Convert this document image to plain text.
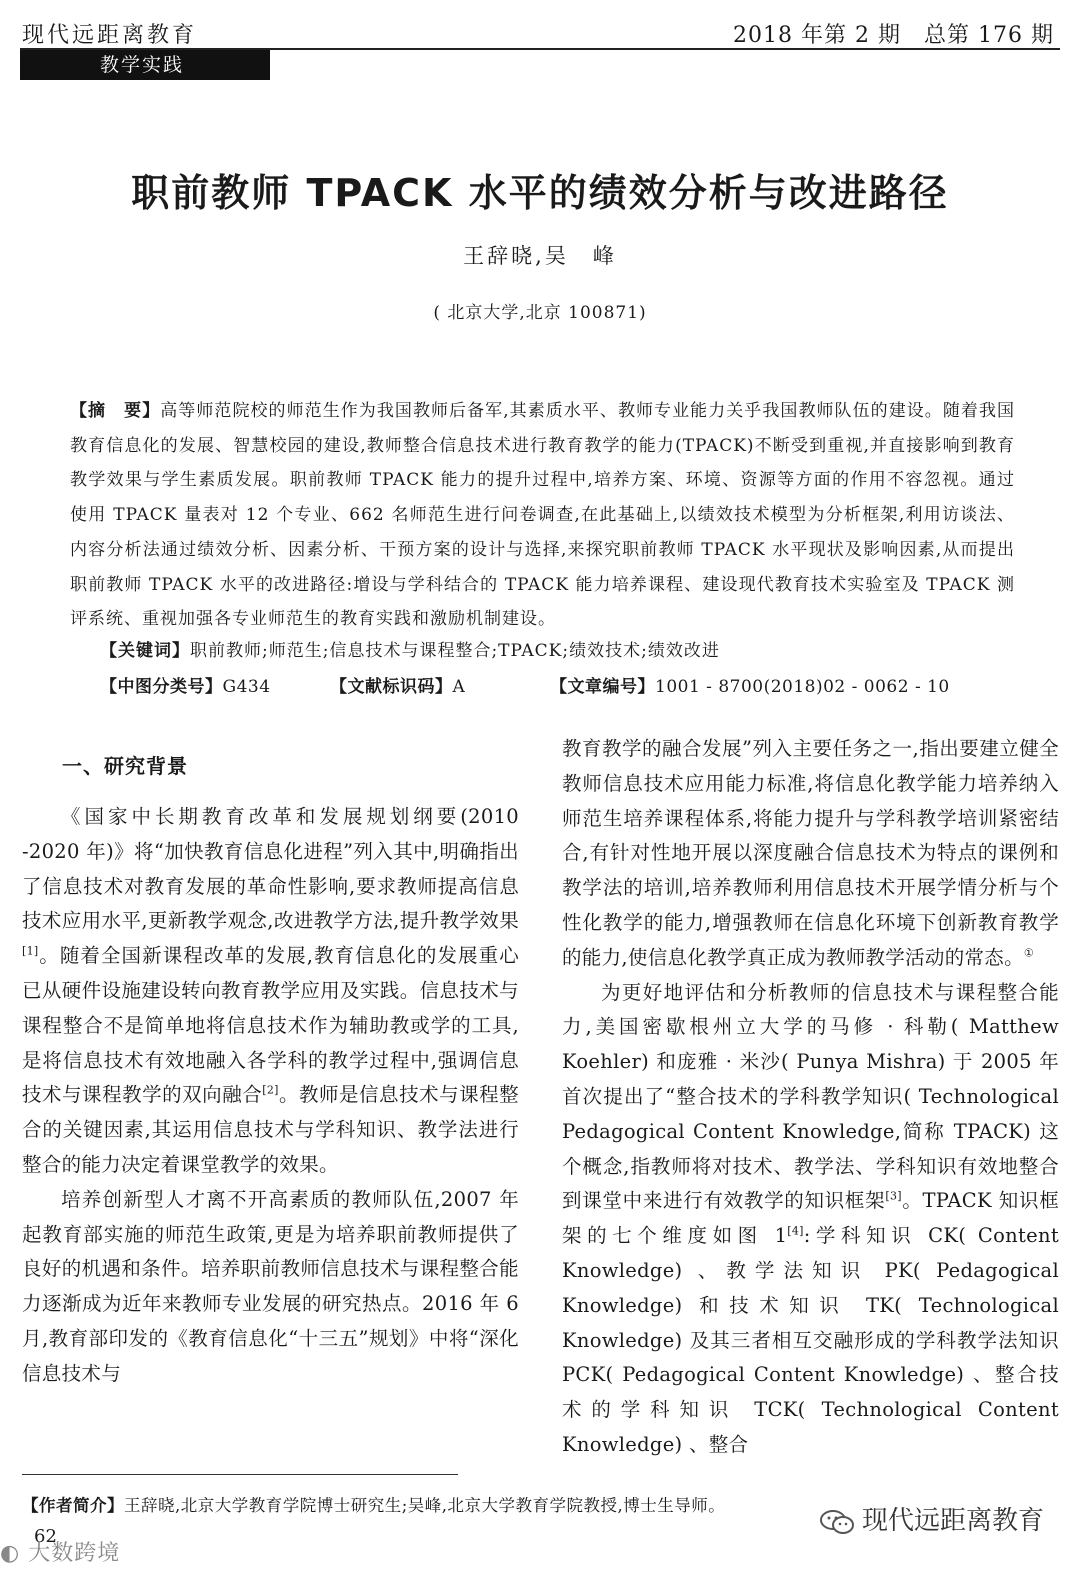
现代远距离教育	2018 年第 2 期　总第 176 期
教学实践
职前教师 TPACK 水平的绩效分析与改进路径
王辞晓,吴　峰
( 北京大学,北京 100871)
【摘　要】高等师范院校的师范生作为我国教师后备军,其素质水平、教师专业能力关乎我国教师队伍的建设。随着我国教育信息化的发展、智慧校园的建设,教师整合信息技术进行教育教学的能力(TPACK)不断受到重视,并直接影响到教育教学效果与学生素质发展。职前教师 TPACK 能力的提升过程中,培养方案、环境、资源等方面的作用不容忽视。通过使用 TPACK 量表对 12 个专业、662 名师范生进行问卷调查,在此基础上,以绩效技术模型为分析框架,利用访谈法、内容分析法通过绩效分析、因素分析、干预方案的设计与选择,来探究职前教师 TPACK 水平现状及影响因素,从而提出职前教师 TPACK 水平的改进路径:增设与学科结合的 TPACK 能力培养课程、建设现代教育技术实验室及 TPACK 测评系统、重视加强各专业师范生的教育实践和激励机制建设。
【关键词】职前教师;师范生;信息技术与课程整合;TPACK;绩效技术;绩效改进
【中图分类号】G434	【文献标识码】A	【文章编号】1001 - 8700(2018)02 - 0062 - 10
一、研究背景

《国家中长期教育改革和发展规划纲要(2010 -2020 年)》将“加快教育信息化进程”列入其中,明确指出了信息技术对教育发展的革命性影响,要求教师提高信息技术应用水平,更新教学观念,改进教学方法,提升教学效果[1]。随着全国新课程改革的发展,教育信息化的发展重心已从硬件设施建设转向教育教学应用及实践。信息技术与课程整合不是简单地将信息技术作为辅助教或学的工具,是将信息技术有效地融入各学科的教学过程中,强调信息技术与课程教学的双向融合[2]。教师是信息技术与课程整合的关键因素,其运用信息技术与学科知识、教学法进行整合的能力决定着课堂教学的效果。

培养创新型人才离不开高素质的教师队伍,2007 年起教育部实施的师范生政策,更是为培养职前教师提供了良好的机遇和条件。培养职前教师信息技术与课程整合能力逐渐成为近年来教师专业发展的研究热点。2016 年 6 月,教育部印发的《教育信息化“十三五”规划》中将“深化信息技术与

教育教学的融合发展”列入主要任务之一,指出要建立健全教师信息技术应用能力标准,将信息化教学能力培养纳入师范生培养课程体系,将能力提升与学科教学培训紧密结合,有针对性地开展以深度融合信息技术为特点的课例和教学法的培训,培养教师利用信息技术开展学情分析与个性化教学的能力,增强教师在信息化环境下创新教育教学的能力,使信息化教学真正成为教师教学活动的常态。①

为更好地评估和分析教师的信息技术与课程整合能力,美国密歇根州立大学的马修 · 科勒( Matthew Koehler) 和庞雅 · 米沙( Punya Mishra) 于 2005 年首次提出了“整合技术的学科教学知识( Technological Pedagogical Content Knowledge,简称 TPACK) 这个概念,指教师将对技术、教学法、学科知识有效地整合到课堂中来进行有效教学的知识框架[3]。TPACK 知识框架的七个维度如图 1[4]:学科知识 CK( Content Knowledge) 、教学法知识 PK( Pedagogical Knowledge) 和技术知识 TK( Technological Knowledge) 及其三者相互交融形成的学科教学法知识 PCK( Pedagogical Content Knowledge) 、整合技术的学科知识 TCK( Technological Content Knowledge) 、整合

【作者简介】王辞晓,北京大学教育学院博士研究生;吴峰,北京大学教育学院教授,博士生导师。
62
现代远距离教育
◐ 大数跨境
